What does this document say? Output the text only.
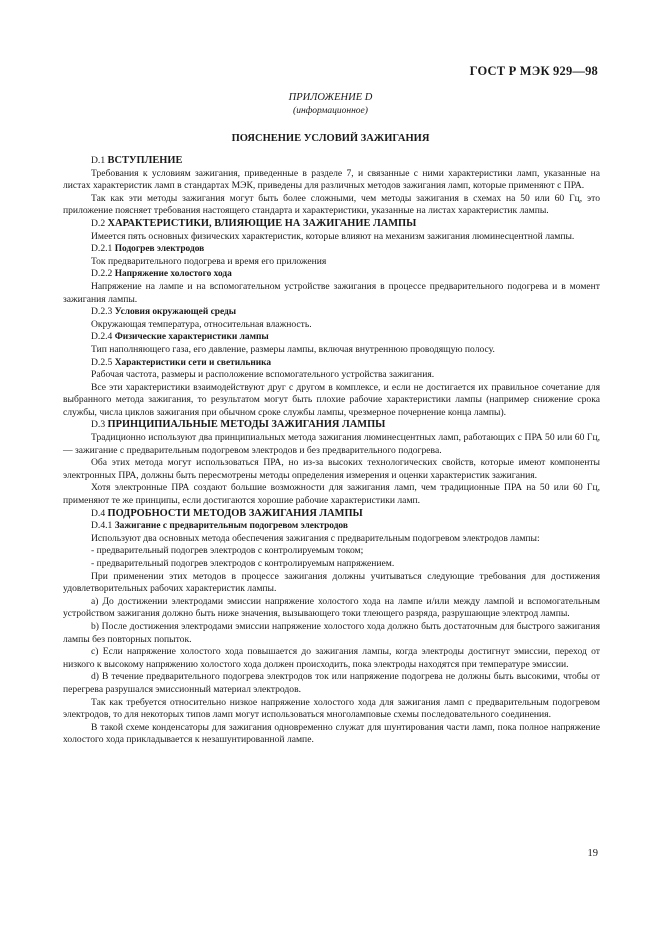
ГОСТ Р МЭК 929—98
ПРИЛОЖЕНИЕ D
(информационное)
ПОЯСНЕНИЕ УСЛОВИЙ ЗАЖИГАНИЯ

D.1 ВСТУПЛЕНИЕ

Требования к условиям зажигания, приведенные в разделе 7, и связанные с ними характеристики ламп, указанные на листах характеристик ламп в стандартах МЭК, приведены для различных методов зажигания ламп, которые применяют с ПРА.

Так как эти методы зажигания могут быть более сложными, чем методы зажигания в схемах на 50 или 60 Гц, это приложение поясняет требования настоящего стандарта и характеристики, указанные на листах характеристик лампы.

D.2 ХАРАКТЕРИСТИКИ, ВЛИЯЮЩИЕ НА ЗАЖИГАНИЕ ЛАМПЫ

Имеется пять основных физических характеристик, которые влияют на механизм зажигания люминесцентной лампы.

D.2.1 Подогрев электродов

Ток предварительного подогрева и время его приложения

D.2.2 Напряжение холостого хода

Напряжение на лампе и на вспомогательном устройстве зажигания в процессе предварительного подогрева и в момент зажигания лампы.

D.2.3 Условия окружающей среды

Окружающая температура, относительная влажность.

D.2.4 Физические характеристики лампы

Тип наполняющего газа, его давление, размеры лампы, включая внутреннюю проводящую полосу.

D.2.5 Характеристики сети и светильника

Рабочая частота, размеры и расположение вспомогательного устройства зажигания.

Все эти характеристики взаимодействуют друг с другом в комплексе, и если не достигается их правильное сочетание для выбранного метода зажигания, то результатом могут быть плохие рабочие характеристики лампы (например снижение срока службы, числа циклов зажигания при обычном сроке службы лампы, чрезмерное почернение конца лампы).

D.3 ПРИНЦИПИАЛЬНЫЕ МЕТОДЫ ЗАЖИГАНИЯ ЛАМПЫ

Традиционно используют два принципиальных метода зажигания люминесцентных ламп, работающих с ПРА 50 или 60 Гц, — зажигание с предварительным подогревом электродов и без предварительного подогрева.

Оба этих метода могут использоваться ПРА, но из-за высоких технологических свойств, которые имеют компоненты электронных ПРА, должны быть пересмотрены методы определения измерения и оценки характеристик зажигания.

Хотя электронные ПРА создают большие возможности для зажигания ламп, чем традиционные ПРА на 50 или 60 Гц, применяют те же принципы, если достигаются хорошие рабочие характеристики ламп.

D.4 ПОДРОБНОСТИ МЕТОДОВ ЗАЖИГАНИЯ ЛАМПЫ

D.4.1 Зажигание с предварительным подогревом электродов

Используют два основных метода обеспечения зажигания с предварительным подогревом электродов лампы:

- предварительный подогрев электродов с контролируемым током;

- предварительный подогрев электродов с контролируемым напряжением.

При применении этих методов в процессе зажигания должны учитываться следующие требования для достижения удовлетворительных рабочих характеристик лампы.

а) До достижении электродами эмиссии напряжение холостого хода на лампе и/или между лампой и вспомогательным устройством зажигания должно быть ниже значения, вызывающего токи тлеющего разряда, разрушающие электрод лампы.

b) После достижения электродами эмиссии напряжение холостого хода должно быть достаточным для быстрого зажигания лампы без повторных попыток.

с) Если напряжение холостого хода повышается до зажигания лампы, когда электроды достигнут эмиссии, переход от низкого к высокому напряжению холостого хода должен происходить, пока электроды находятся при температуре эмиссии.

d) В течение предварительного подогрева электродов ток или напряжение подогрева не должны быть высокими, чтобы от перегрева разрушался эмиссионный материал электродов.

Так как требуется относительно низкое напряжение холостого хода для зажигания ламп с предварительным подогревом электродов, то для некоторых типов ламп могут использоваться многоламповые схемы последовательного соединения.

В такой схеме конденсаторы для зажигания одновременно служат для шунтирования части ламп, пока полное напряжение холостого хода прикладывается к незашунтированной лампе.

19
